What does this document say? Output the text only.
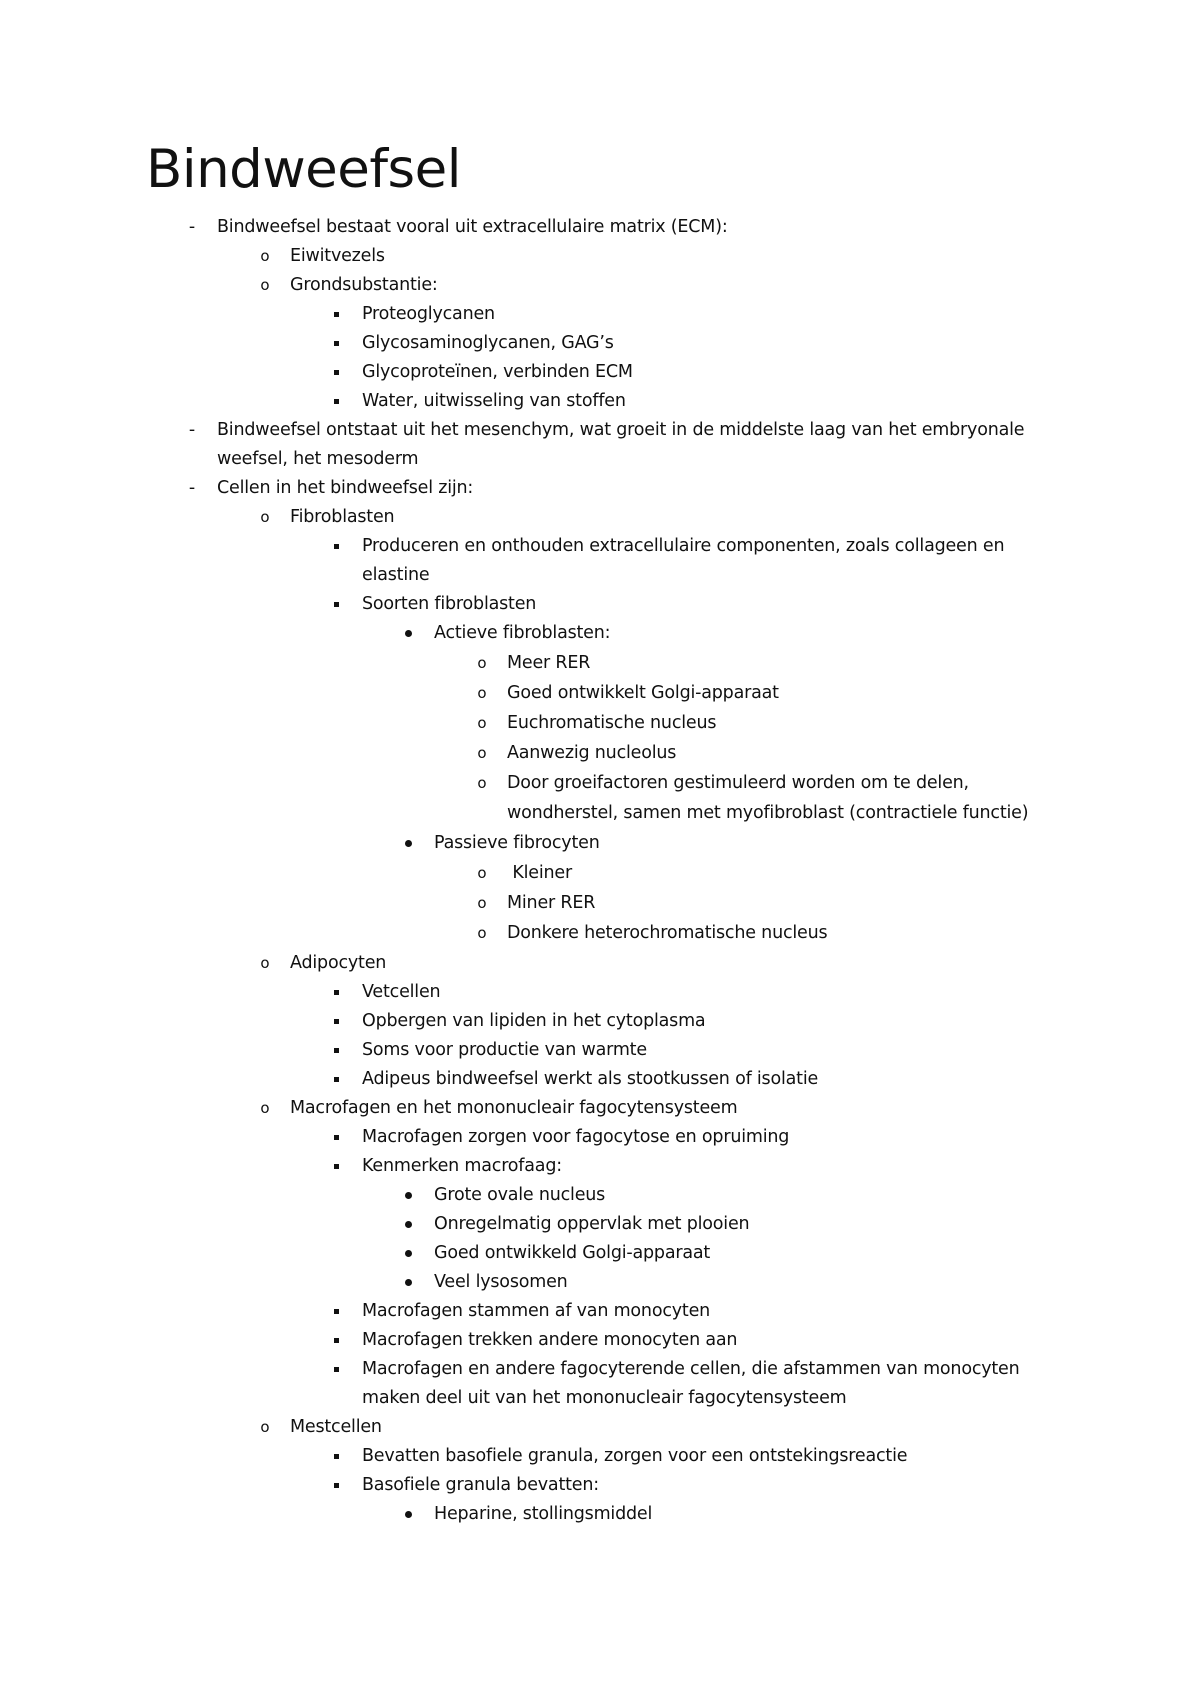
Bindweefsel
-	Bindweefsel bestaat vooral uit extracellulaire matrix (ECM):
o	Eiwitvezels
o	Grondsubstantie:
Proteoglycanen
Glycosaminoglycanen, GAG’s
Glycoproteïnen, verbinden ECM
Water, uitwisseling van stoffen
-	Bindweefsel ontstaat uit het mesenchym, wat groeit in de middelste laag van het embryonale
weefsel, het mesoderm
-	Cellen in het bindweefsel zijn:
o	Fibroblasten
Produceren en onthouden extracellulaire componenten, zoals collageen en
elastine
Soorten fibroblasten
Actieve fibroblasten:
o	Meer RER
o	Goed ontwikkelt Golgi-apparaat
o	Euchromatische nucleus
o	Aanwezig nucleolus
o	Door groeifactoren gestimuleerd worden om te delen,
wondherstel, samen met myofibroblast (contractiele functie)
Passieve fibrocyten
o	Kleiner
o	Miner RER
o	Donkere heterochromatische nucleus
o	Adipocyten
Vetcellen
Opbergen van lipiden in het cytoplasma
Soms voor productie van warmte
Adipeus bindweefsel werkt als stootkussen of isolatie
o	Macrofagen en het mononucleair fagocytensysteem
Macrofagen zorgen voor fagocytose en opruiming
Kenmerken macrofaag:
Grote ovale nucleus
Onregelmatig oppervlak met plooien
Goed ontwikkeld Golgi-apparaat
Veel lysosomen
Macrofagen stammen af van monocyten
Macrofagen trekken andere monocyten aan
Macrofagen en andere fagocyterende cellen, die afstammen van monocyten
maken deel uit van het mononucleair fagocytensysteem
o	Mestcellen
Bevatten basofiele granula, zorgen voor een ontstekingsreactie
Basofiele granula bevatten:
Heparine, stollingsmiddel
